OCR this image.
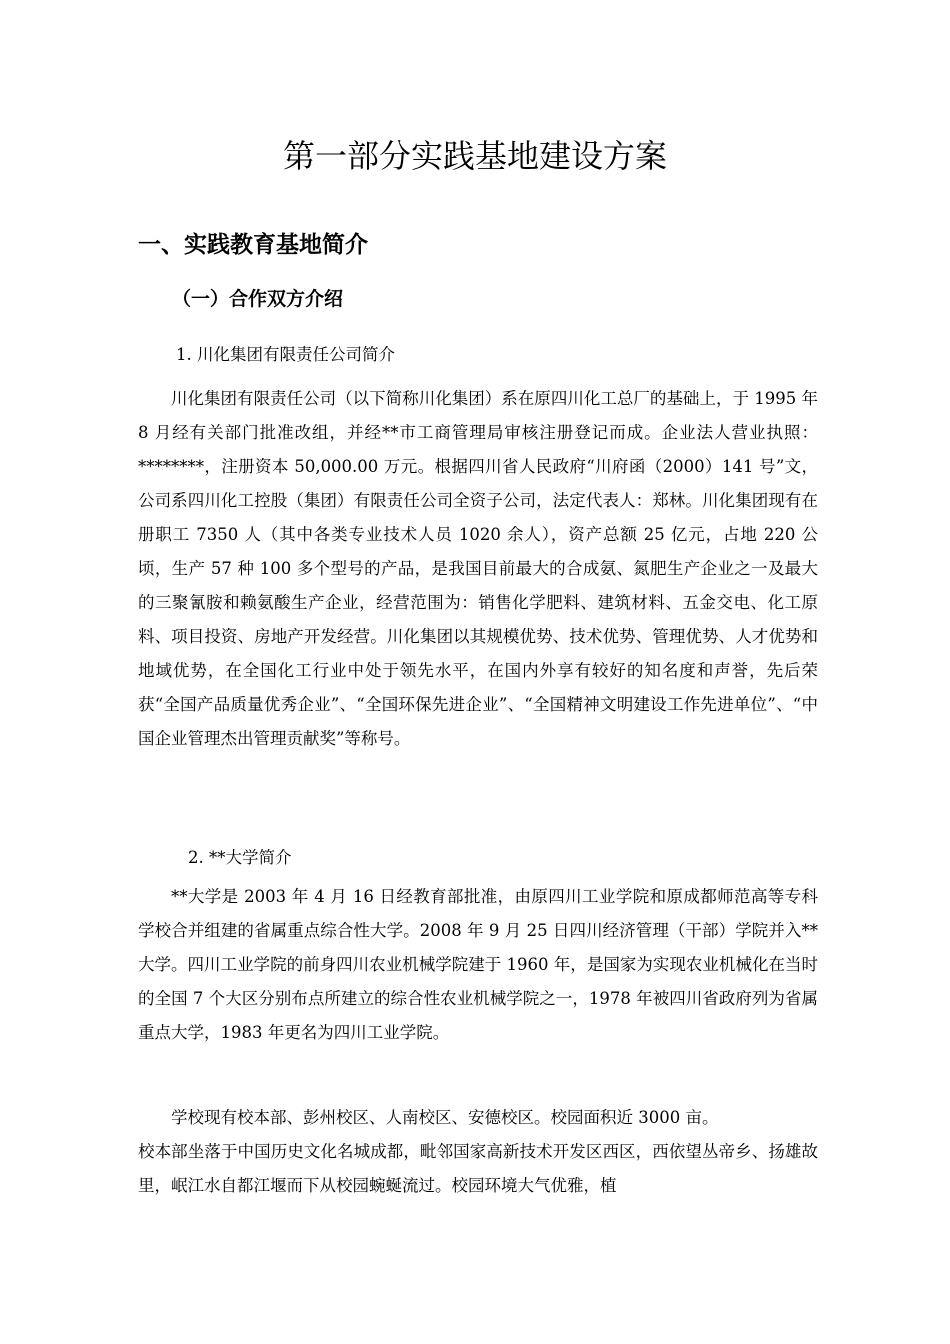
第一部分实践基地建设方案
一、实践教育基地简介
（一）合作双方介绍
1. 川化集团有限责任公司简介

川化集团有限责任公司（以下简称川化集团）系在原四川化工总厂的基础上，于 1995 年 8 月经有关部门批准改组，并经**市工商管理局审核注册登记而成。企业法人营业执照：********，注册资本 50,000.00 万元。根据四川省人民政府“川府函（2000）141 号”文，公司系四川化工控股（集团）有限责任公司全资子公司，法定代表人：郑林。川化集团现有在册职工 7350 人（其中各类专业技术人员 1020 余人），资产总额 25 亿元，占地 220 公顷，生产 57 种 100 多个型号的产品，是我国目前最大的合成氨、氮肥生产企业之一及最大的三聚氰胺和赖氨酸生产企业，经营范围为：销售化学肥料、建筑材料、五金交电、化工原料、项目投资、房地产开发经营。川化集团以其规模优势、技术优势、管理优势、人才优势和地域优势，在全国化工行业中处于领先水平，在国内外享有较好的知名度和声誉，先后荣获“全国产品质量优秀企业”、“全国环保先进企业”、“全国精神文明建设工作先进单位”、“中国企业管理杰出管理贡献奖”等称号。

2. **大学简介

**大学是 2003 年 4 月 16 日经教育部批准，由原四川工业学院和原成都师范高等专科学校合并组建的省属重点综合性大学。2008 年 9 月 25 日四川经济管理（干部）学院并入**大学。四川工业学院的前身四川农业机械学院建于 1960 年，是国家为实现农业机械化在当时的全国 7 个大区分别布点所建立的综合性农业机械学院之一，1978 年被四川省政府列为省属重点大学，1983 年更名为四川工业学院。

学校现有校本部、彭州校区、人南校区、安德校区。校园面积近 3000 亩。

校本部坐落于中国历史文化名城成都，毗邻国家高新技术开发区西区，西依望丛帝乡、扬雄故里，岷江水自都江堰而下从校园蜿蜒流过。校园环境大气优雅，植
